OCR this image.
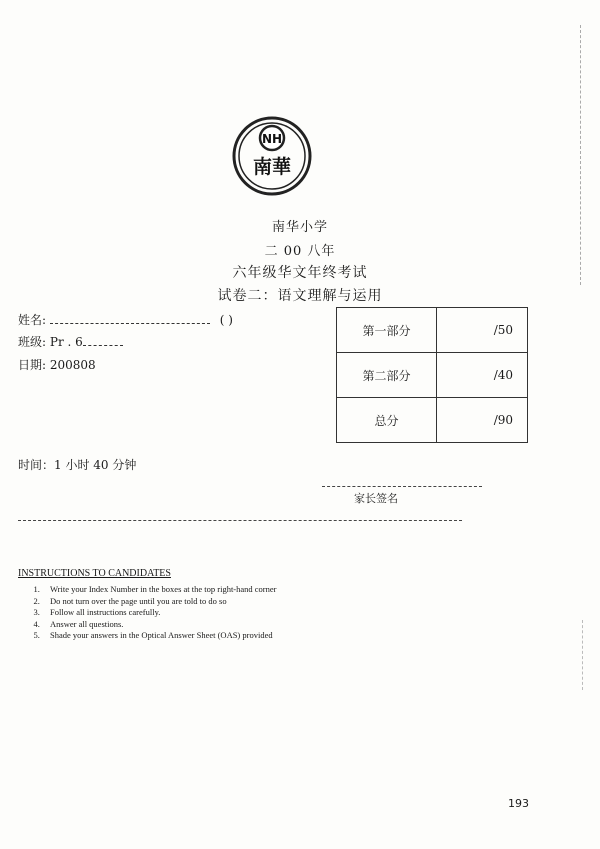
NH
南華
南华小学
二 00 八年
六年级华文年终考试
试卷二：语文理解与运用
姓名:	( )
班级: Pr . 6
日期: 200808
第一部分	/50
第二部分	/40
总分	/90
时间：1 小时 40 分钟
家长签名
INSTRUCTIONS TO CANDIDATES
1. Write your Index Number in the boxes at the top right-hand corner
2. Do not turn over the page until you are told to do so
3. Follow all instructions carefully.
4. Answer all questions.
5. Shade your answers in the Optical Answer Sheet (OAS) provided
193
